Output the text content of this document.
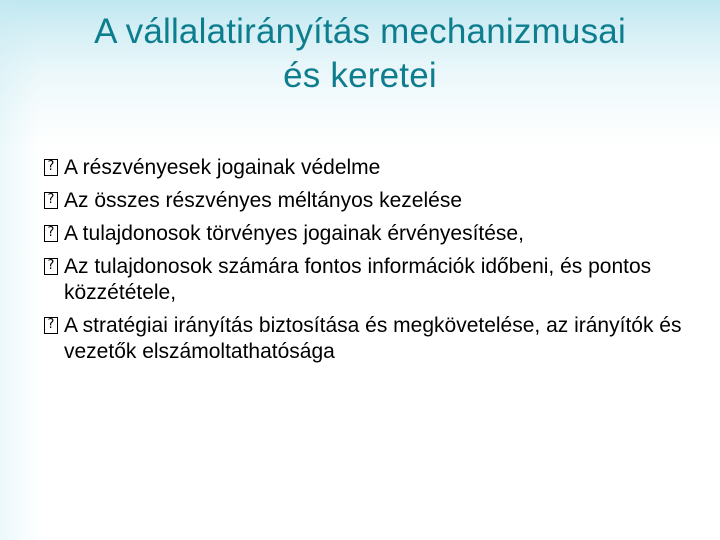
A vállalatirányítás mechanizmusai
és keretei
? A részvényesek jogainak védelme
? Az összes részvényes méltányos kezelése
? A tulajdonosok törvényes jogainak érvényesítése,
? Az tulajdonosok számára fontos információk időbeni, és pontos közzététele,
? A stratégiai irányítás biztosítása és megkövetelése, az irányítók és vezetők elszámoltathatósága
